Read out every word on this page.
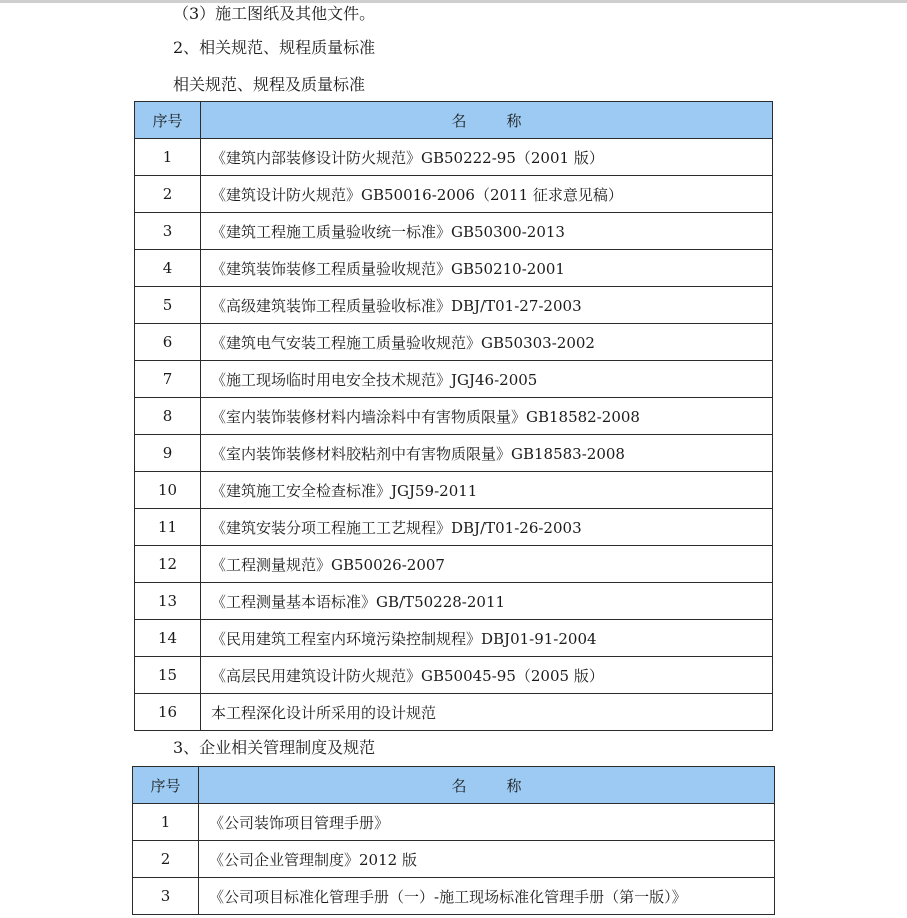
（3）施工图纸及其他文件。
2、相关规范、规程质量标准
相关规范、规程及质量标准
序号	名称
1	《建筑内部装修设计防火规范》GB50222-95（2001 版）
2	《建筑设计防火规范》GB50016-2006（2011 征求意见稿）
3	《建筑工程施工质量验收统一标准》GB50300-2013
4	《建筑装饰装修工程质量验收规范》GB50210-2001
5	《高级建筑装饰工程质量验收标准》DBJ/T01-27-2003
6	《建筑电气安装工程施工质量验收规范》GB50303-2002
7	《施工现场临时用电安全技术规范》JGJ46-2005
8	《室内装饰装修材料内墙涂料中有害物质限量》GB18582-2008
9	《室内装饰装修材料胶粘剂中有害物质限量》GB18583-2008
10	《建筑施工安全检查标准》JGJ59-2011
11	《建筑安装分项工程施工工艺规程》DBJ/T01-26-2003
12	《工程测量规范》GB50026-2007
13	《工程测量基本语标准》GB/T50228-2011
14	《民用建筑工程室内环境污染控制规程》DBJ01-91-2004
15	《高层民用建筑设计防火规范》GB50045-95（2005 版）
16	本工程深化设计所采用的设计规范
3、企业相关管理制度及规范
序号	名称
1	《公司装饰项目管理手册》
2	《公司企业管理制度》2012 版
3	《公司项目标准化管理手册（一）-施工现场标准化管理手册（第一版）》
